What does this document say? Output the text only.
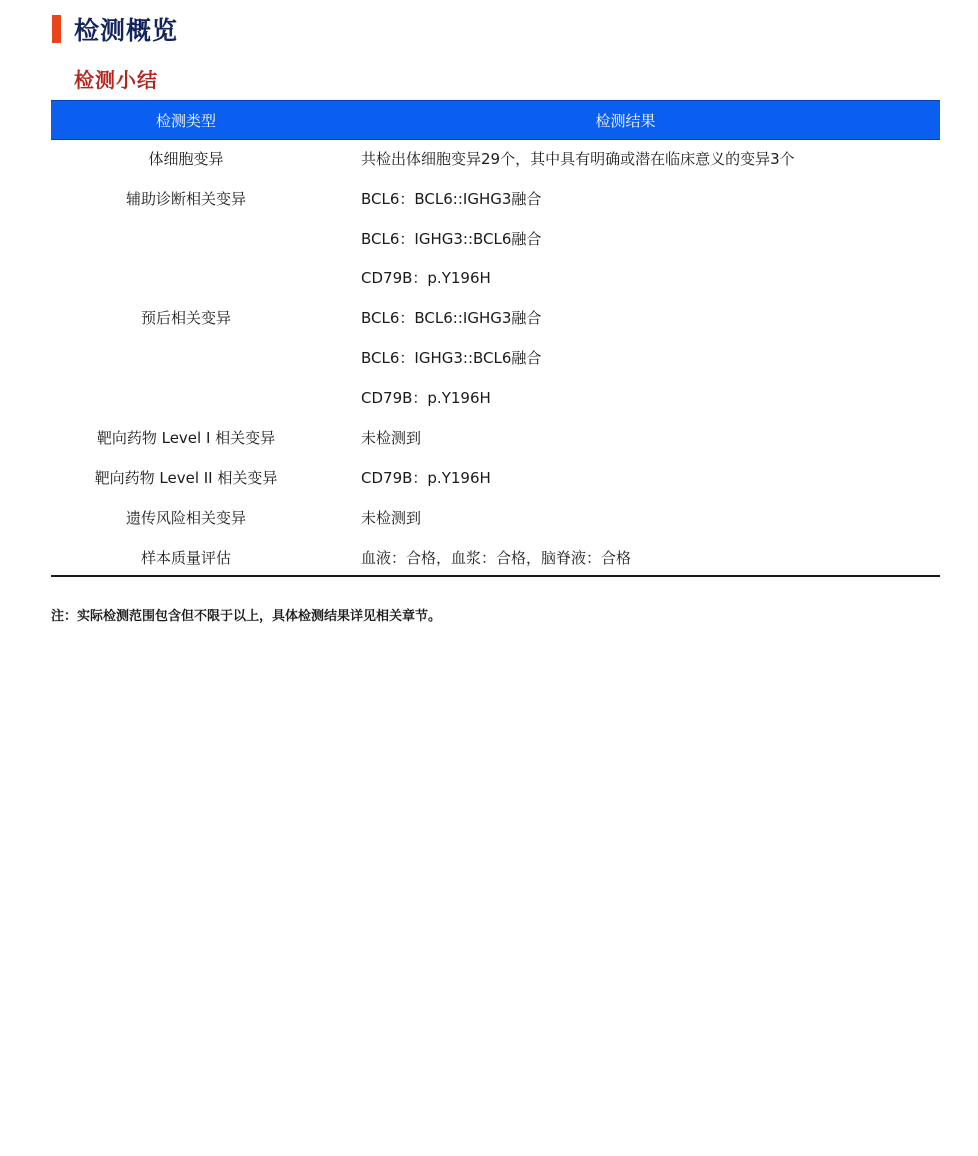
检测概览
检测小结
检测类型	检测结果
体细胞变异
辅助诊断相关变异
预后相关变异
靶向药物 Level I 相关变异
靶向药物 Level II 相关变异
遗传风险相关变异
样本质量评估
共检出体细胞变异29个，其中具有明确或潜在临床意义的变异3个
BCL6：BCL6::IGHG3融合
BCL6：IGHG3::BCL6融合
CD79B：p.Y196H
BCL6：BCL6::IGHG3融合
BCL6：IGHG3::BCL6融合
CD79B：p.Y196H
未检测到
CD79B：p.Y196H
未检测到
血液：合格，血浆：合格，脑脊液：合格
注：实际检测范围包含但不限于以上，具体检测结果详见相关章节。
